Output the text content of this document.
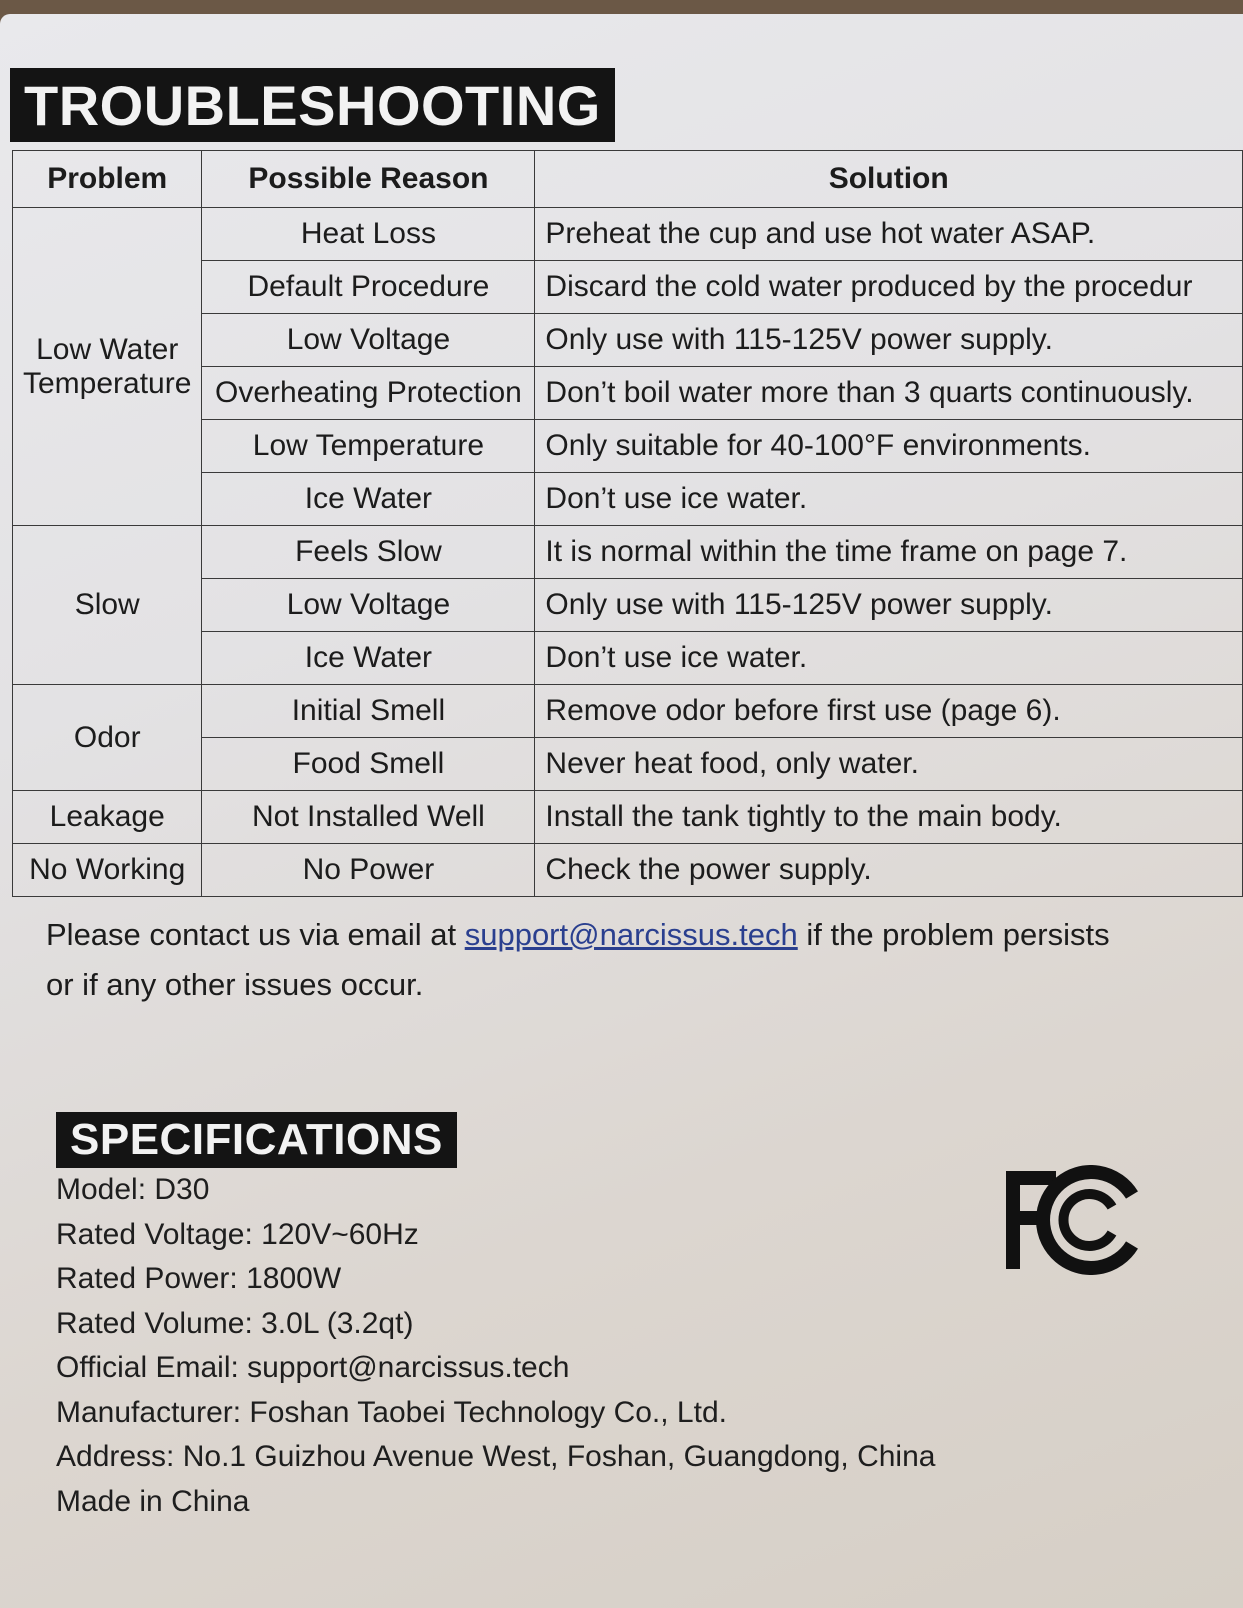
TROUBLESHOOTING
Problem	Possible Reason	Solution

Low Water
Temperature	Heat Loss	Preheat the cup and use hot water ASAP.
	Default Procedure	Discard the cold water produced by the procedur
	Low Voltage	Only use with 115-125V power supply.
	Overheating Protection	Don’t boil water more than 3 quarts continuously.
	Low Temperature	Only suitable for 40-100°F environments.
	Ice Water	Don’t use ice water.

Slow	Feels Slow	It is normal within the time frame on page 7.
	Low Voltage	Only use with 115-125V power supply.
	Ice Water	Don’t use ice water.

Odor	Initial Smell	Remove odor before first use (page 6).
	Food Smell	Never heat food, only water.

Leakage	Not Installed Well	Install the tank tightly to the main body.

No Working	No Power	Check the power supply.
Please contact us via email at support@narcissus.tech if the problem persists
or if any other issues occur.
SPECIFICATIONS
Model: D30
Rated Voltage: 120V~60Hz
Rated Power: 1800W
Rated Volume: 3.0L (3.2qt)
Official Email: support@narcissus.tech
Manufacturer: Foshan Taobei Technology Co., Ltd.
Address: No.1 Guizhou Avenue West, Foshan, Guangdong, China
Made in China
